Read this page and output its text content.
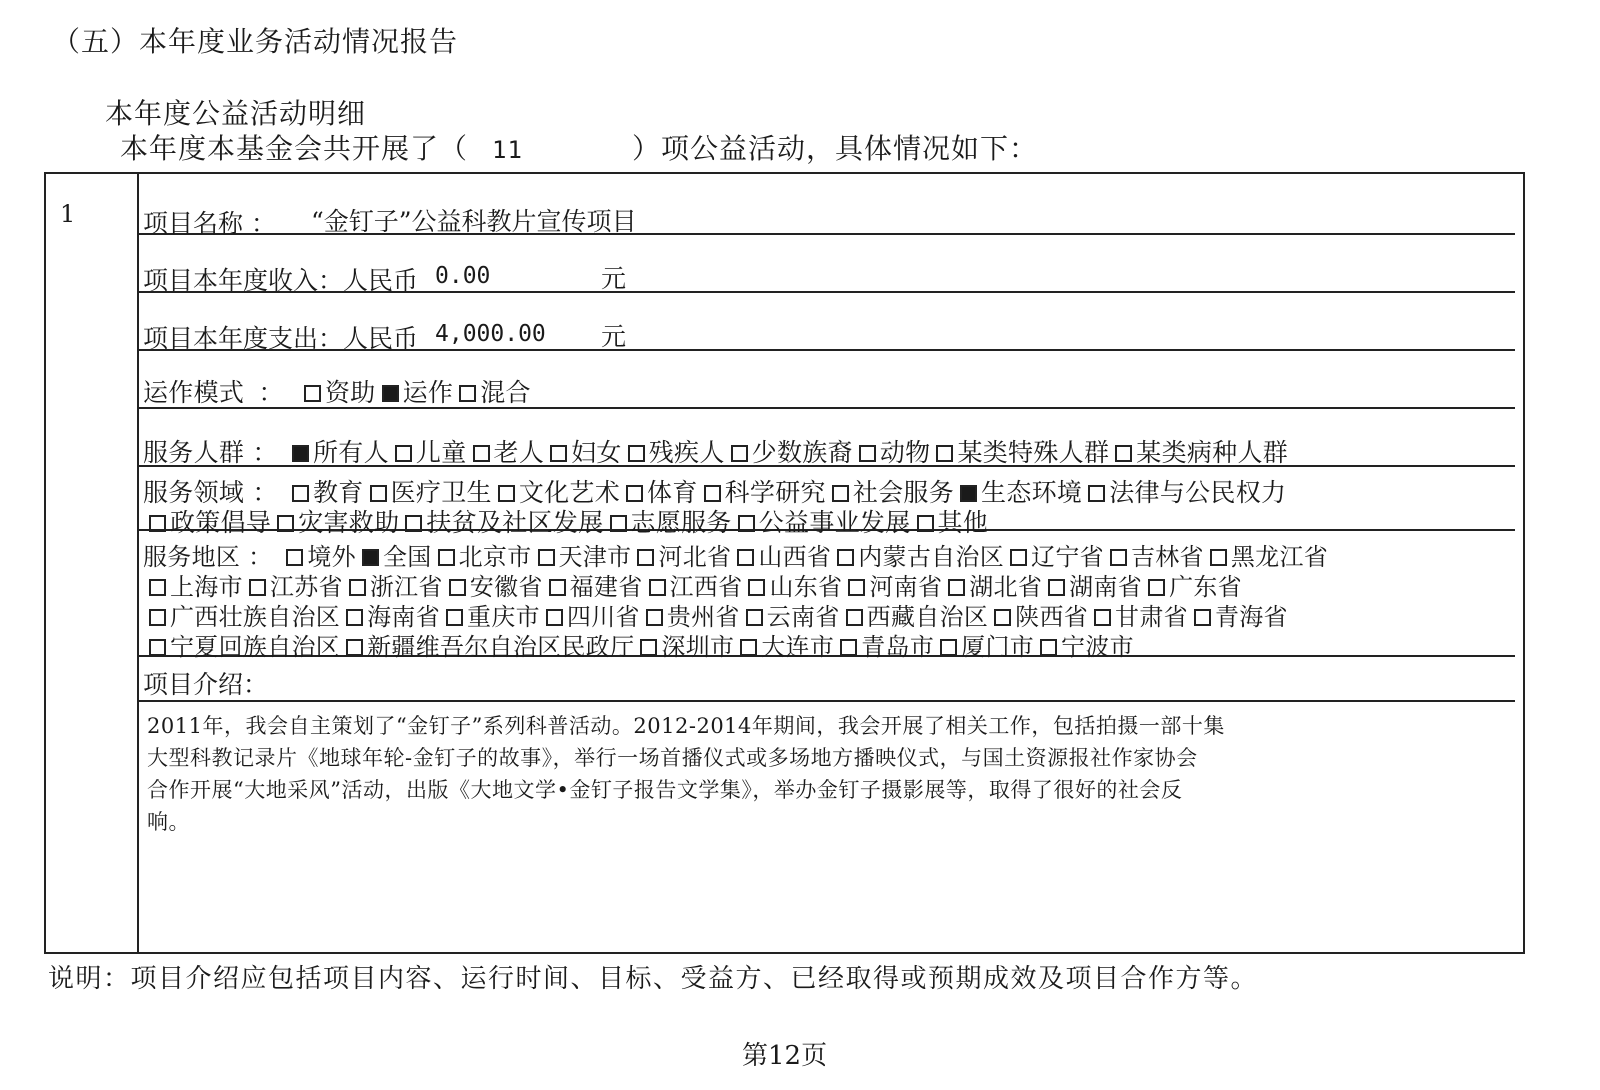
（五）本年度业务活动情况报告
本年度公益活动明细
本年度本基金会共开展了（ 11	）项公益活动，具体情况如下：
1	项目名称 ： “金钉子”公益科教片宣传项目
项目本年度收入：人民币 0.00	元
项目本年度支出：人民币 4,000.00 元
运作模式 ： 资助 运作 混合
服务人群 ： 所有人 儿童 老人 妇女 残疾人 少数族裔 动物 某类特殊人群 某类病种人群
服务领域 ： 教育 医疗卫生 文化艺术 体育 科学研究 社会服务 生态环境 法律与公民权力
政策倡导 灾害救助 扶贫及社区发展 志愿服务 公益事业发展 其他
服务地区 ： 境外 全国 北京市 天津市 河北省 山西省 内蒙古自治区 辽宁省 吉林省 黑龙江省
上海市 江苏省 浙江省 安徽省 福建省 江西省 山东省 河南省 湖北省 湖南省 广东省
广西壮族自治区 海南省 重庆市 四川省 贵州省 云南省 西藏自治区 陕西省 甘肃省 青海省
宁夏回族自治区 新疆维吾尔自治区民政厅 深圳市 大连市 青岛市 厦门市 宁波市
项目介绍：
2011年，我会自主策划了“金钉子”系列科普活动。2012-2014年期间，我会开展了相关工作，包括拍摄一部十集
大型科教记录片《地球年轮-金钉子的故事》，举行一场首播仪式或多场地方播映仪式，与国土资源报社作家协会
合作开展“大地采风”活动，出版《大地文学•金钉子报告文学集》，举办金钉子摄影展等，取得了很好的社会反
响。
说明：项目介绍应包括项目内容、运行时间、目标、受益方、已经取得或预期成效及项目合作方等。
第12页
